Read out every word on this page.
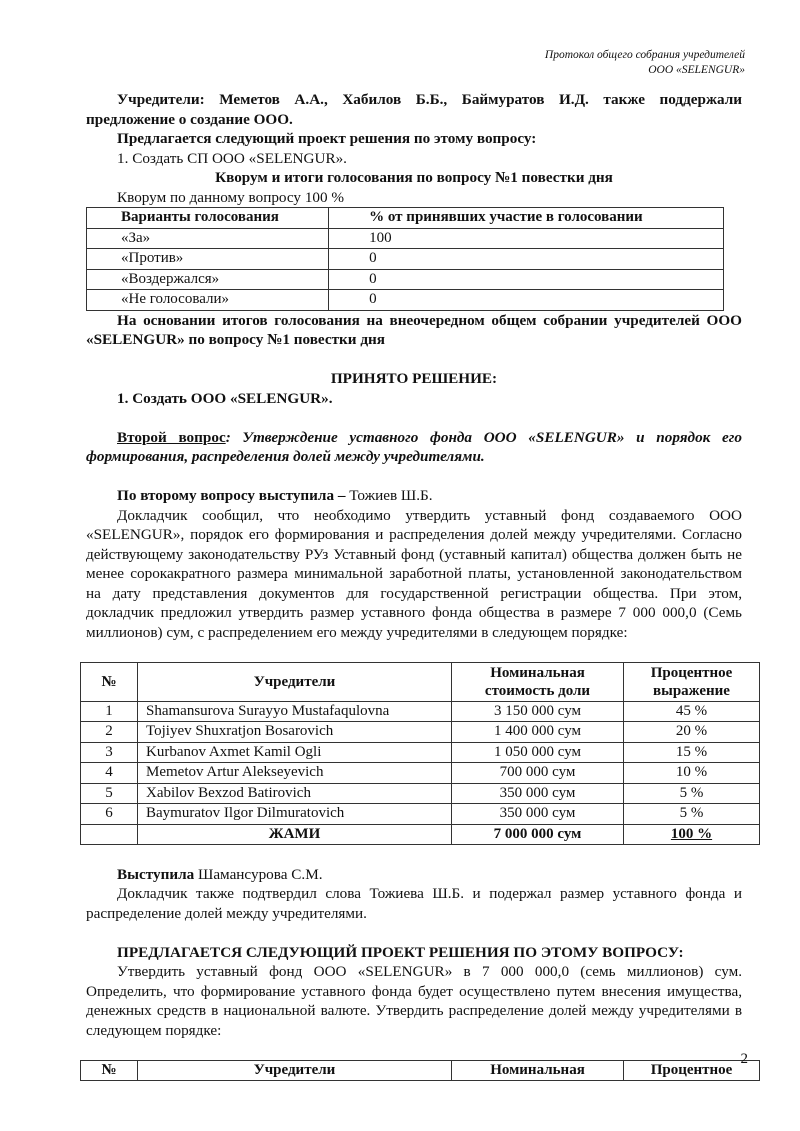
Протокол общего собрания учредителей
ООО «SELENGUR»

Учредители: Меметов А.А., Хабилов Б.Б., Баймуратов И.Д. также поддержали предложение о создание ООО.

Предлагается следующий проект решения по этому вопросу:

1. Создать СП ООО «SELENGUR».

Кворум и итоги голосования по вопросу №1 повестки дня

Кворум по данному вопросу 100 %

Варианты голосования	% от принявших участие в голосовании
«За»	100
«Против»	0
«Воздержался»	0
«Не голосовали»	0

На основании итогов голосования на внеочередном общем собрании учредителей ООО «SELENGUR» по вопросу №1 повестки дня

ПРИНЯТО РЕШЕНИЕ:

1. Создать ООО «SELENGUR».

Второй вопрос: Утверждение уставного фонда ООО «SELENGUR» и порядок его формирования, распределения долей между учредителями.

По второму вопросу выступила – Тожиев Ш.Б.

Докладчик сообщил, что необходимо утвердить уставный фонд создаваемого ООО «SELENGUR», порядок его формирования и распределения долей между учредителями. Согласно действующему законодательству РУз Уставный фонд (уставный капитал) общества должен быть не менее сорокакратного размера минимальной заработной платы, установленной законодательством на дату представления документов для государственной регистрации общества. При этом, докладчик предложил утвердить размер уставного фонда общества в размере 7 000 000,0 (Семь миллионов) сум, с распределением его между учредителями в следующем порядке:

№	Учредители	Номинальная стоимость доли	Процентное выражение
1	Shamansurova Surayyo Mustafaqulovna	3 150 000 сум	45 %
2	Tojiyev Shuxratjon Bosarovich	1 400 000 сум	20 %
3	Kurbanov Axmet Kamil Ogli	1 050 000 сум	15 %
4	Memetov Artur Alekseyevich	700 000 сум	10 %
5	Xabilov Bexzod Batirovich	350 000 сум	5 %
6	Baymuratov Ilgor Dilmuratovich	350 000 сум	5 %
	ЖАМИ	7 000 000 сум	100 %

Выступила Шамансурова С.М.

Докладчик также подтвердил слова Тожиева Ш.Б. и подержал размер уставного фонда и распределение долей между учредителями.

ПРЕДЛАГАЕТСЯ СЛЕДУЮЩИЙ ПРОЕКТ РЕШЕНИЯ ПО ЭТОМУ ВОПРОСУ:

Утвердить уставный фонд ООО «SELENGUR» в 7 000 000,0 (семь миллионов) сум. Определить, что формирование уставного фонда будет осуществлено путем внесения имущества, денежных средств в национальной валюте. Утвердить распределение долей между учредителями в следующем порядке:

№	Учредители	Номинальная	Процентное
2
